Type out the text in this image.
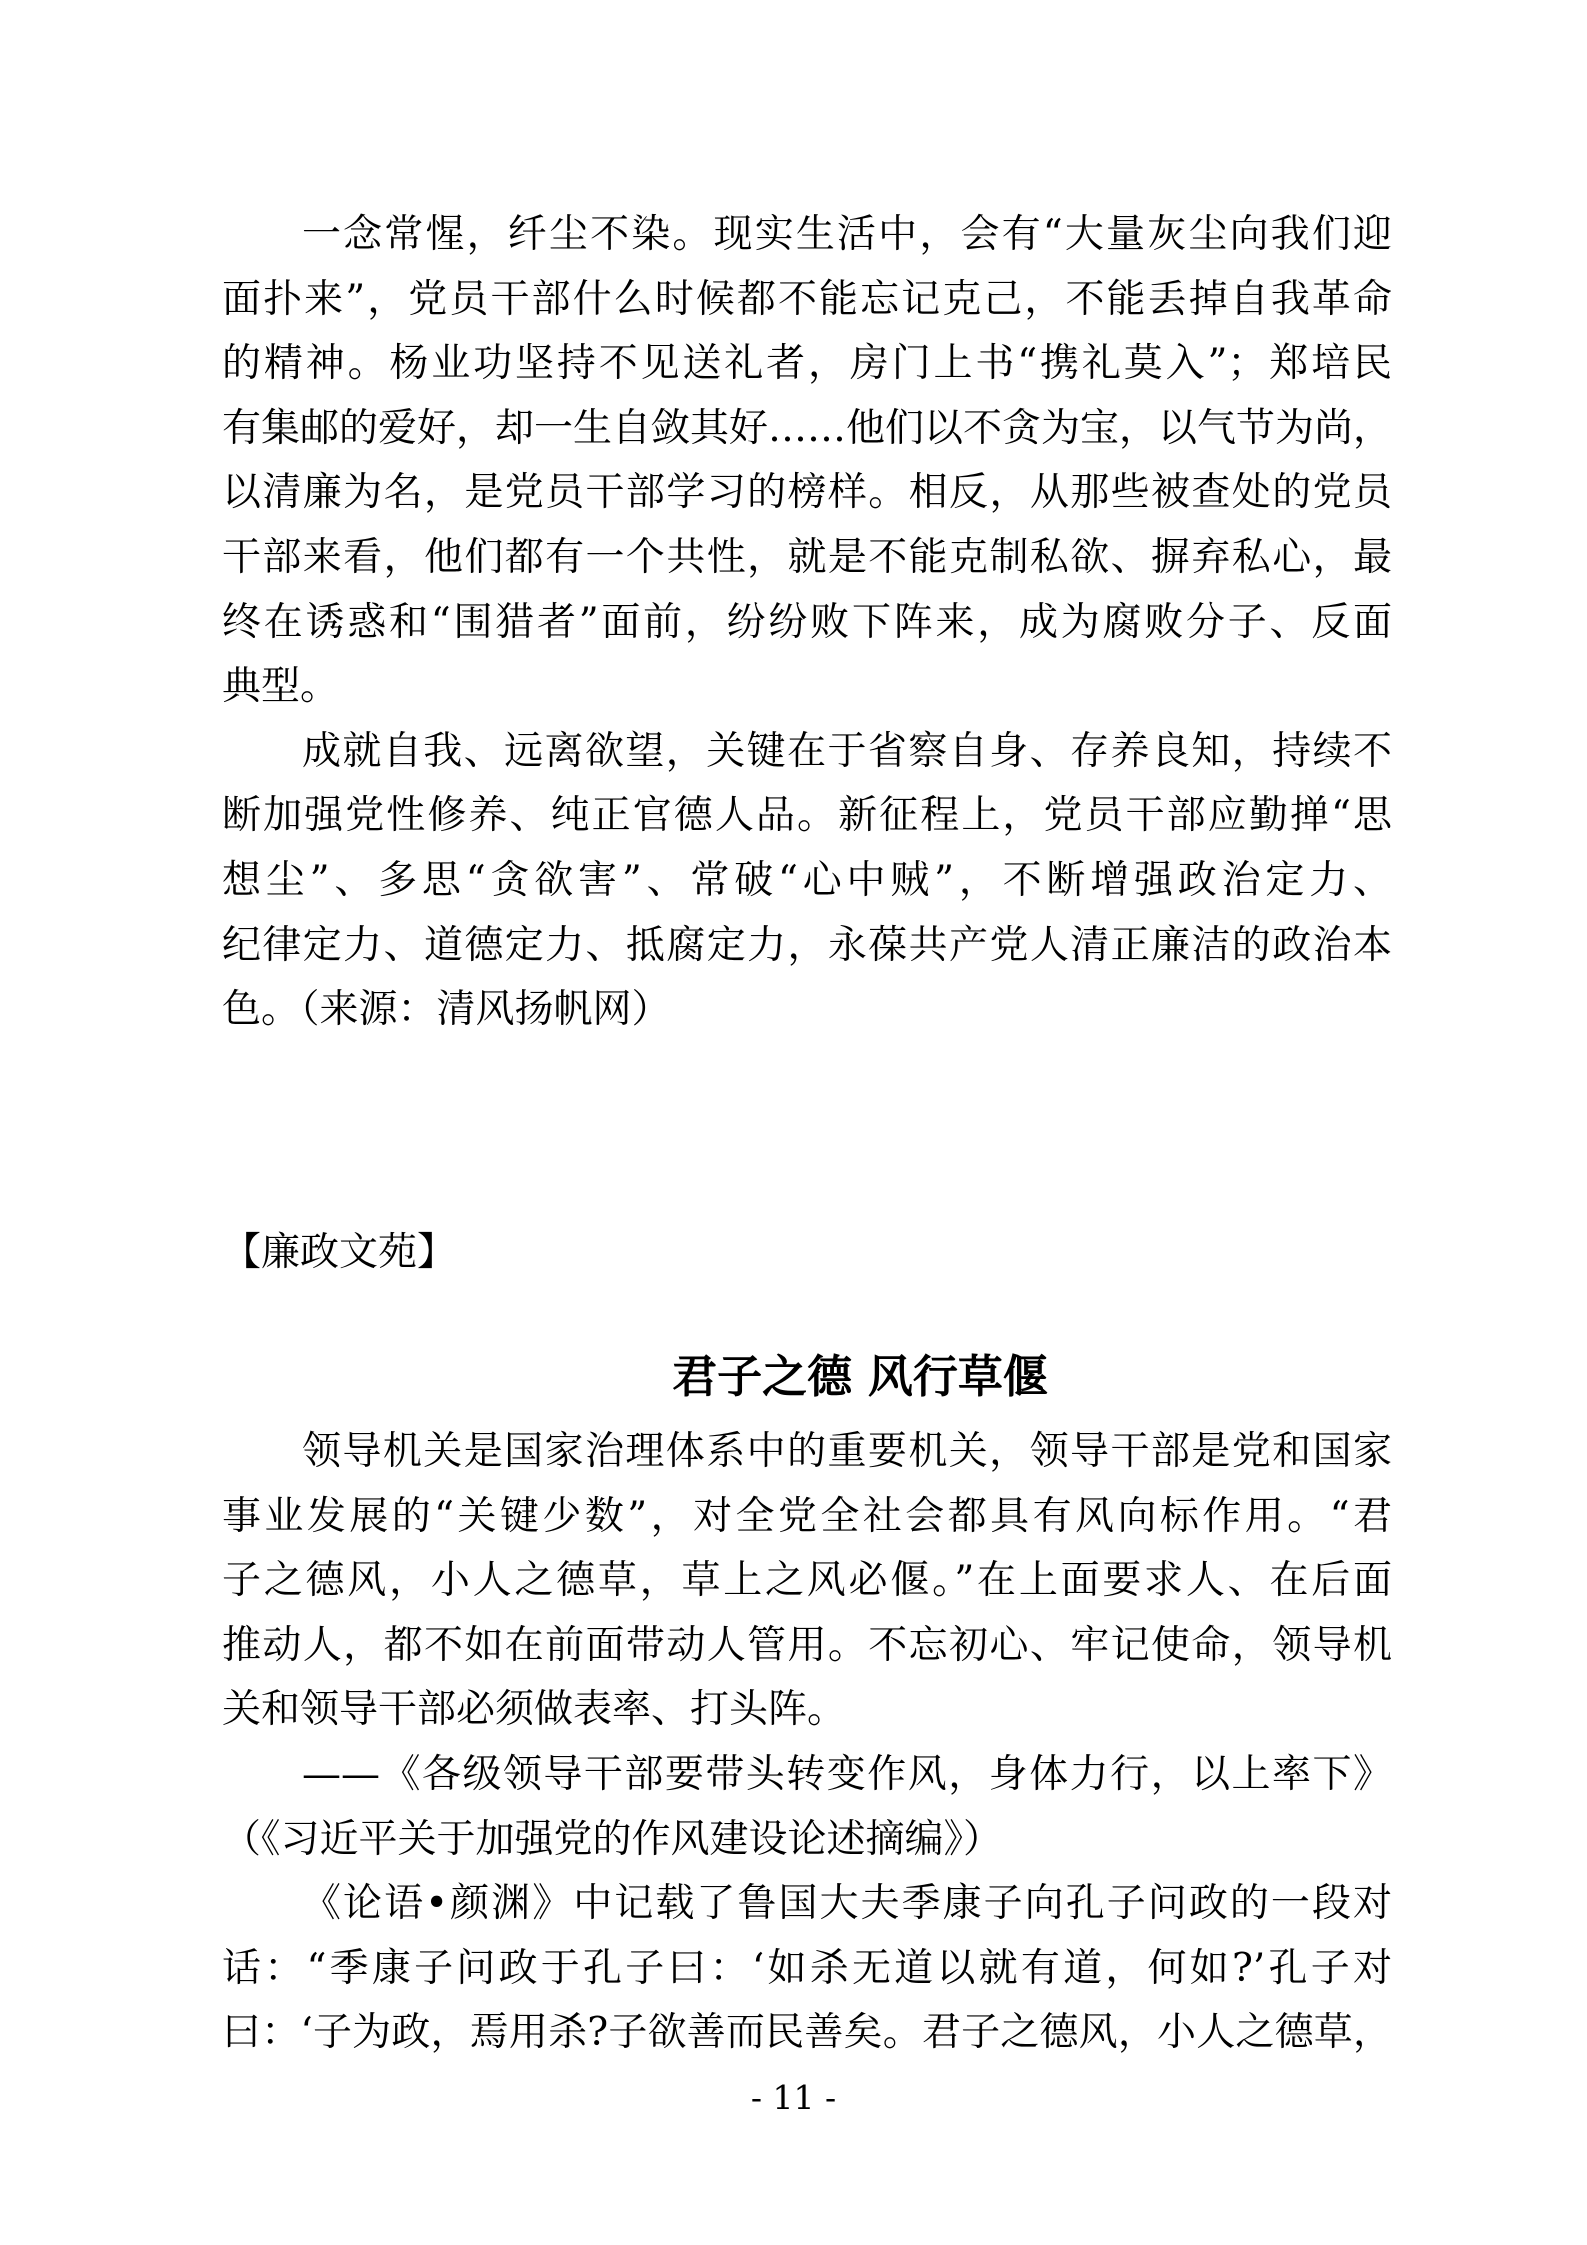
一念常惺，纤尘不染。现实生活中，会有“大量灰尘向我们迎
面扑来”，党员干部什么时候都不能忘记克己，不能丢掉自我革命
的精神。杨业功坚持不见送礼者，房门上书“携礼莫入”；郑培民
有集邮的爱好，却一生自敛其好……他们以不贪为宝，以气节为尚，
以清廉为名，是党员干部学习的榜样。相反，从那些被查处的党员
干部来看，他们都有一个共性，就是不能克制私欲、摒弃私心，最
终在诱惑和“围猎者”面前，纷纷败下阵来，成为腐败分子、反面
典型。
成就自我、远离欲望，关键在于省察自身、存养良知，持续不
断加强党性修养、纯正官德人品。新征程上，党员干部应勤掸“思
想尘”、多思“贪欲害”、常破“心中贼”，不断增强政治定力、
纪律定力、道德定力、抵腐定力，永葆共产党人清正廉洁的政治本
色。（来源：清风扬帆网）
【廉政文苑】
君子之德 风行草偃
领导机关是国家治理体系中的重要机关，领导干部是党和国家
事业发展的“关键少数”，对全党全社会都具有风向标作用。“君
子之德风，小人之德草，草上之风必偃。”在上面要求人、在后面
推动人，都不如在前面带动人管用。不忘初心、牢记使命，领导机
关和领导干部必须做表率、打头阵。
——《各级领导干部要带头转变作风，身体力行，以上率下》
（《习近平关于加强党的作风建设论述摘编》）
《论语•颜渊》中记载了鲁国大夫季康子向孔子问政的一段对
话：“季康子问政于孔子曰：‘如杀无道以就有道，何如?’孔子对
曰：‘子为政，焉用杀?子欲善而民善矣。君子之德风，小人之德草，
- 11 -
